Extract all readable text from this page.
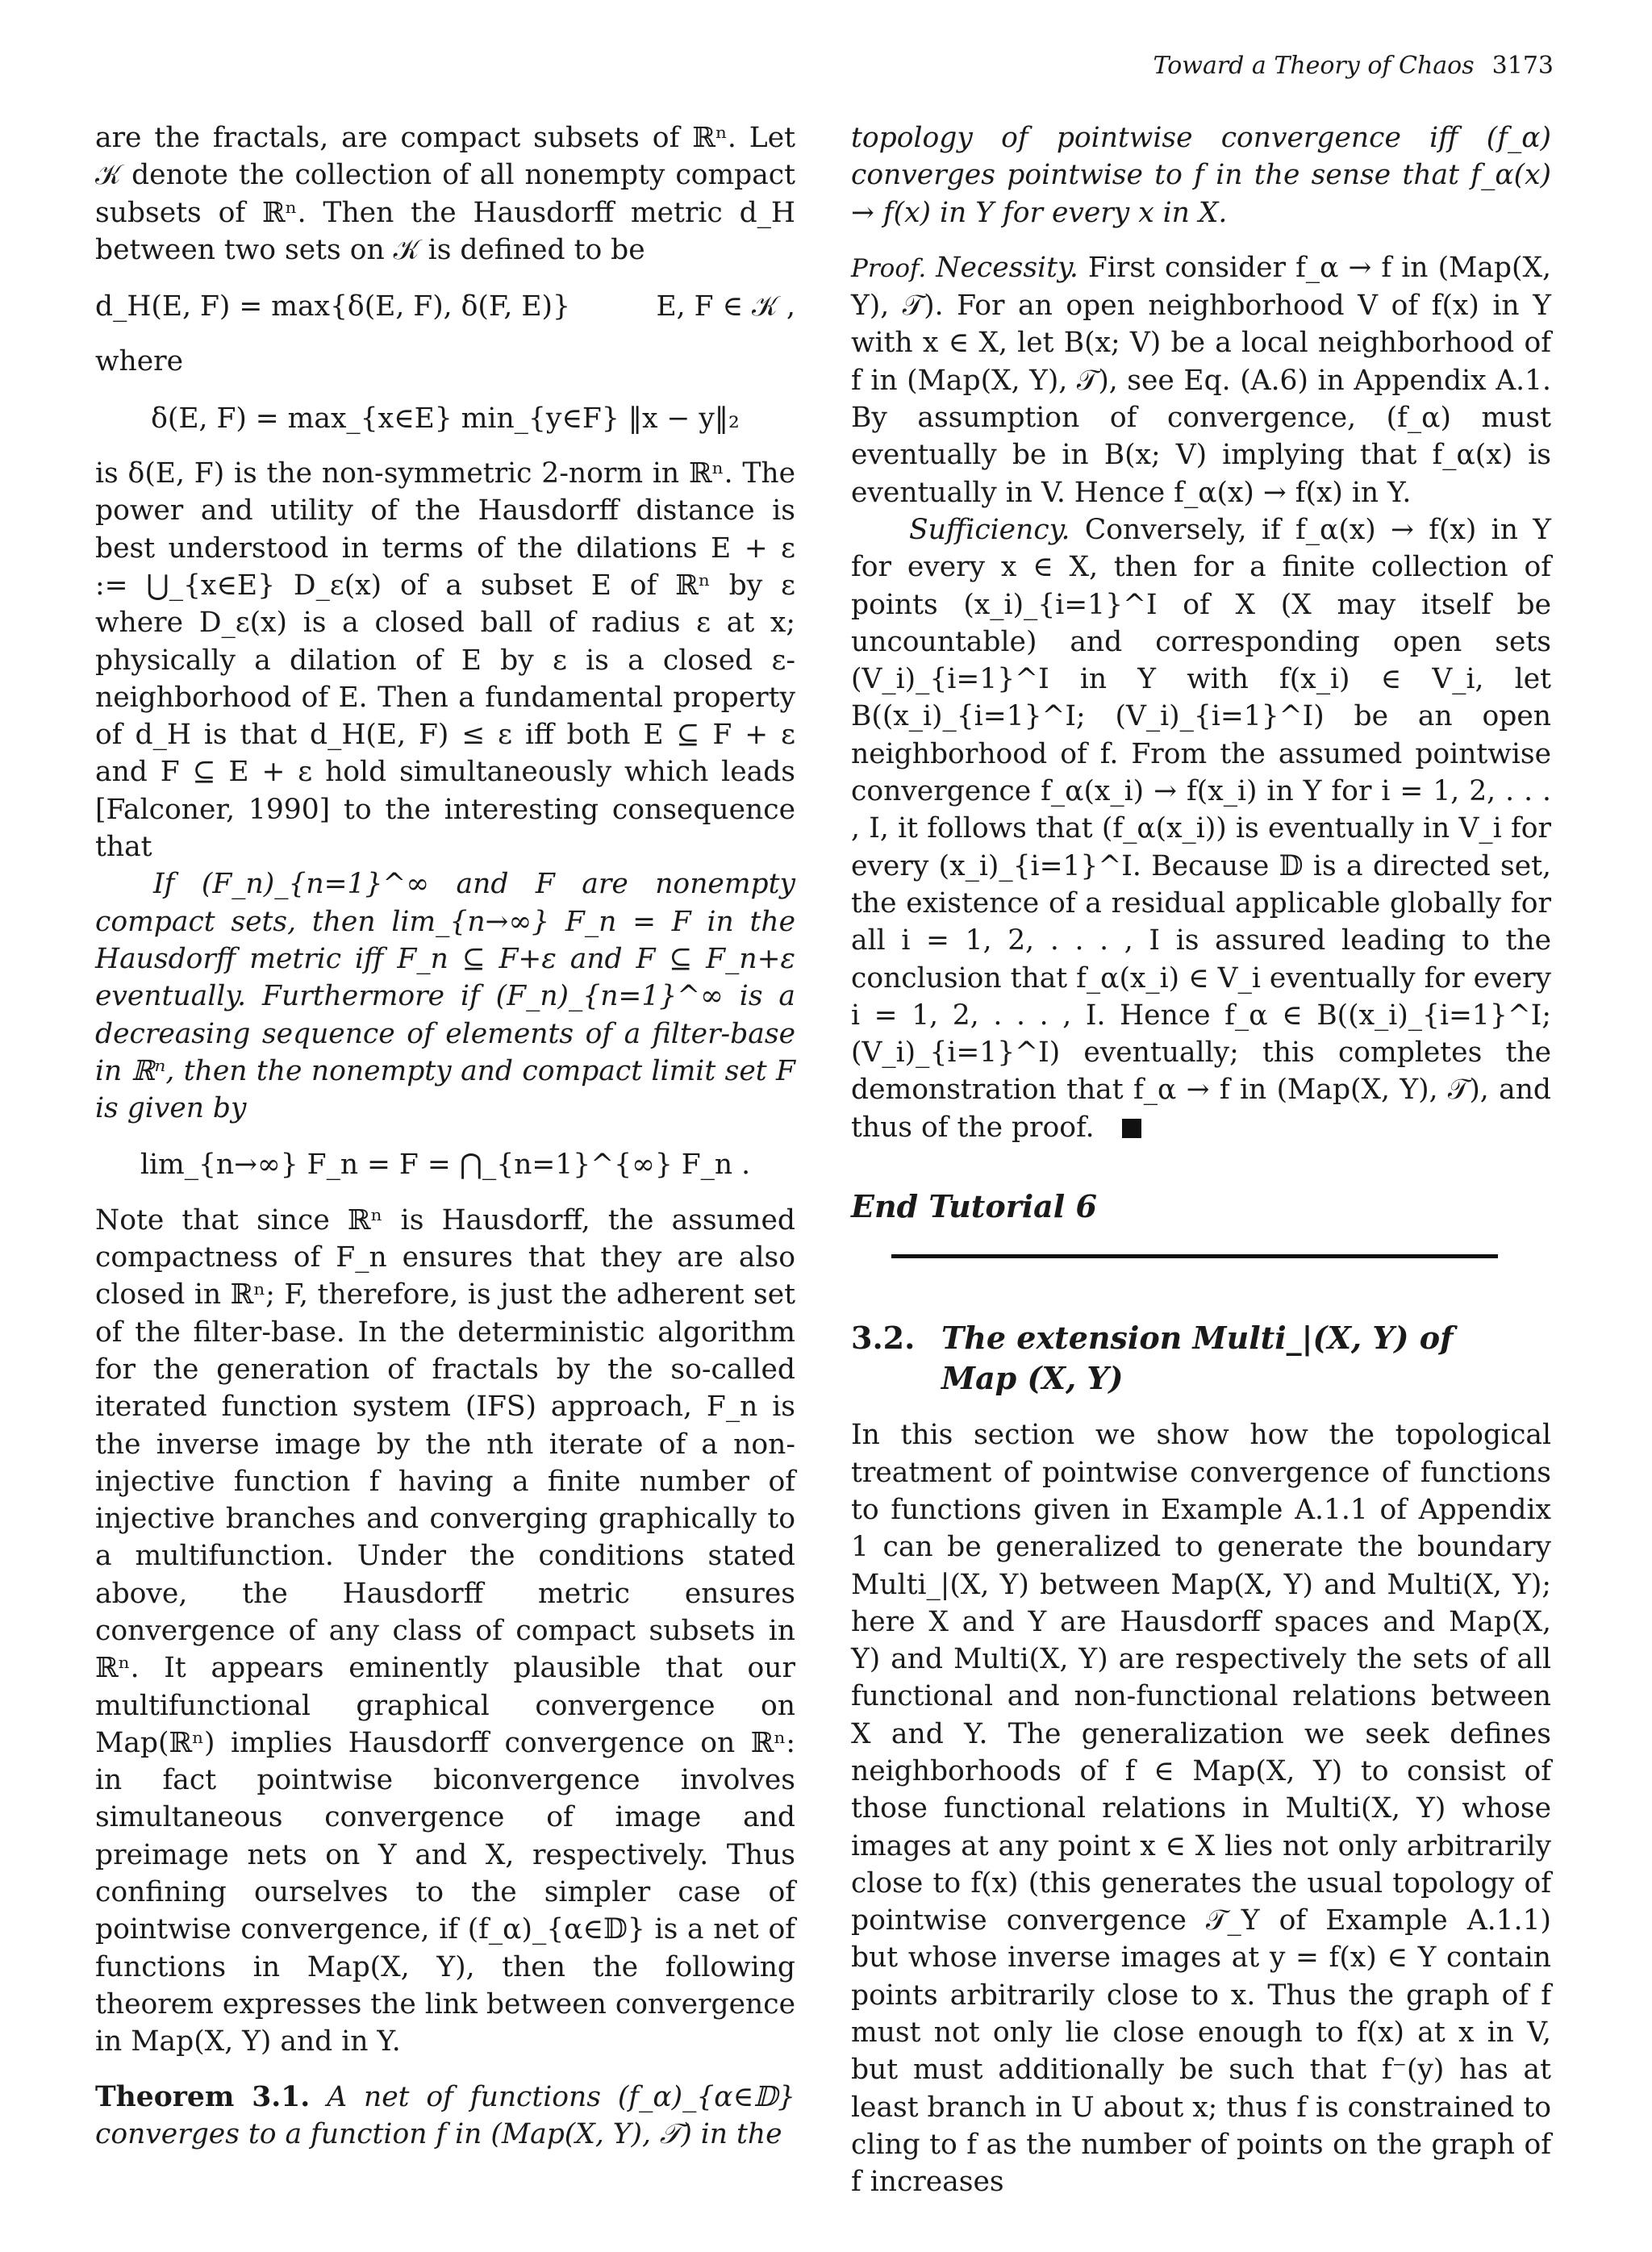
Toward a Theory of Chaos 3173

are the fractals, are compact subsets of ℝⁿ. Let 𝒦 denote the collection of all nonempty compact subsets of ℝⁿ. Then the Hausdorff metric d_H between two sets on 𝒦 is defined to be

d_H(E, F) = max{δ(E, F), δ(F, E)}	E, F ∈ 𝒦 ,

where

δ(E, F) = max_{x∈E} min_{y∈F} ‖x − y‖₂

is δ(E, F) is the non-symmetric 2-norm in ℝⁿ. The power and utility of the Hausdorff distance is best understood in terms of the dilations E + ε := ⋃_{x∈E} D_ε(x) of a subset E of ℝⁿ by ε where D_ε(x) is a closed ball of radius ε at x; physically a dilation of E by ε is a closed ε-neighborhood of E. Then a fundamental property of d_H is that d_H(E, F) ≤ ε iff both E ⊆ F + ε and F ⊆ E + ε hold simultaneously which leads [Falconer, 1990] to the interesting consequence that

If (F_n)_{n=1}^∞ and F are nonempty compact sets, then lim_{n→∞} F_n = F in the Hausdorff metric iff F_n ⊆ F+ε and F ⊆ F_n+ε eventually. Furthermore if (F_n)_{n=1}^∞ is a decreasing sequence of elements of a filter-base in ℝⁿ, then the nonempty and compact limit set F is given by

lim_{n→∞} F_n = F = ⋂_{n=1}^{∞} F_n .

Note that since ℝⁿ is Hausdorff, the assumed compactness of F_n ensures that they are also closed in ℝⁿ; F, therefore, is just the adherent set of the filter-base. In the deterministic algorithm for the generation of fractals by the so-called iterated function system (IFS) approach, F_n is the inverse image by the nth iterate of a non-injective function f having a finite number of injective branches and converging graphically to a multifunction. Under the conditions stated above, the Hausdorff metric ensures convergence of any class of compact subsets in ℝⁿ. It appears eminently plausible that our multifunctional graphical convergence on Map(ℝⁿ) implies Hausdorff convergence on ℝⁿ: in fact pointwise biconvergence involves simultaneous convergence of image and preimage nets on Y and X, respectively. Thus confining ourselves to the simpler case of pointwise convergence, if (f_α)_{α∈𝔻} is a net of functions in Map(X, Y), then the following theorem expresses the link between convergence in Map(X, Y) and in Y.

Theorem 3.1. A net of functions (f_α)_{α∈𝔻} converges to a function f in (Map(X, Y), 𝒯) in the

topology of pointwise convergence iff (f_α) converges pointwise to f in the sense that f_α(x) → f(x) in Y for every x in X.

Proof. Necessity. First consider f_α → f in (Map(X, Y), 𝒯). For an open neighborhood V of f(x) in Y with x ∈ X, let B(x; V) be a local neighborhood of f in (Map(X, Y), 𝒯), see Eq. (A.6) in Appendix A.1. By assumption of convergence, (f_α) must eventually be in B(x; V) implying that f_α(x) is eventually in V. Hence f_α(x) → f(x) in Y.

Sufficiency. Conversely, if f_α(x) → f(x) in Y for every x ∈ X, then for a finite collection of points (x_i)_{i=1}^I of X (X may itself be uncountable) and corresponding open sets (V_i)_{i=1}^I in Y with f(x_i) ∈ V_i, let B((x_i)_{i=1}^I; (V_i)_{i=1}^I) be an open neighborhood of f. From the assumed pointwise convergence f_α(x_i) → f(x_i) in Y for i = 1, 2, . . . , I, it follows that (f_α(x_i)) is eventually in V_i for every (x_i)_{i=1}^I. Because 𝔻 is a directed set, the existence of a residual applicable globally for all i = 1, 2, . . . , I is assured leading to the conclusion that f_α(x_i) ∈ V_i eventually for every i = 1, 2, . . . , I. Hence f_α ∈ B((x_i)_{i=1}^I; (V_i)_{i=1}^I) eventually; this completes the demonstration that f_α → f in (Map(X, Y), 𝒯), and thus of the proof.

End Tutorial 6
3.2. The extension Multi_|(X, Y) of
Map (X, Y)

In this section we show how the topological treatment of pointwise convergence of functions to functions given in Example A.1.1 of Appendix 1 can be generalized to generate the boundary Multi_|(X, Y) between Map(X, Y) and Multi(X, Y); here X and Y are Hausdorff spaces and Map(X, Y) and Multi(X, Y) are respectively the sets of all functional and non-functional relations between X and Y. The generalization we seek defines neighborhoods of f ∈ Map(X, Y) to consist of those functional relations in Multi(X, Y) whose images at any point x ∈ X lies not only arbitrarily close to f(x) (this generates the usual topology of pointwise convergence 𝒯_Y of Example A.1.1) but whose inverse images at y = f(x) ∈ Y contain points arbitrarily close to x. Thus the graph of f must not only lie close enough to f(x) at x in V, but must additionally be such that f⁻(y) has at least branch in U about x; thus f is constrained to cling to f as the number of points on the graph of f increases
